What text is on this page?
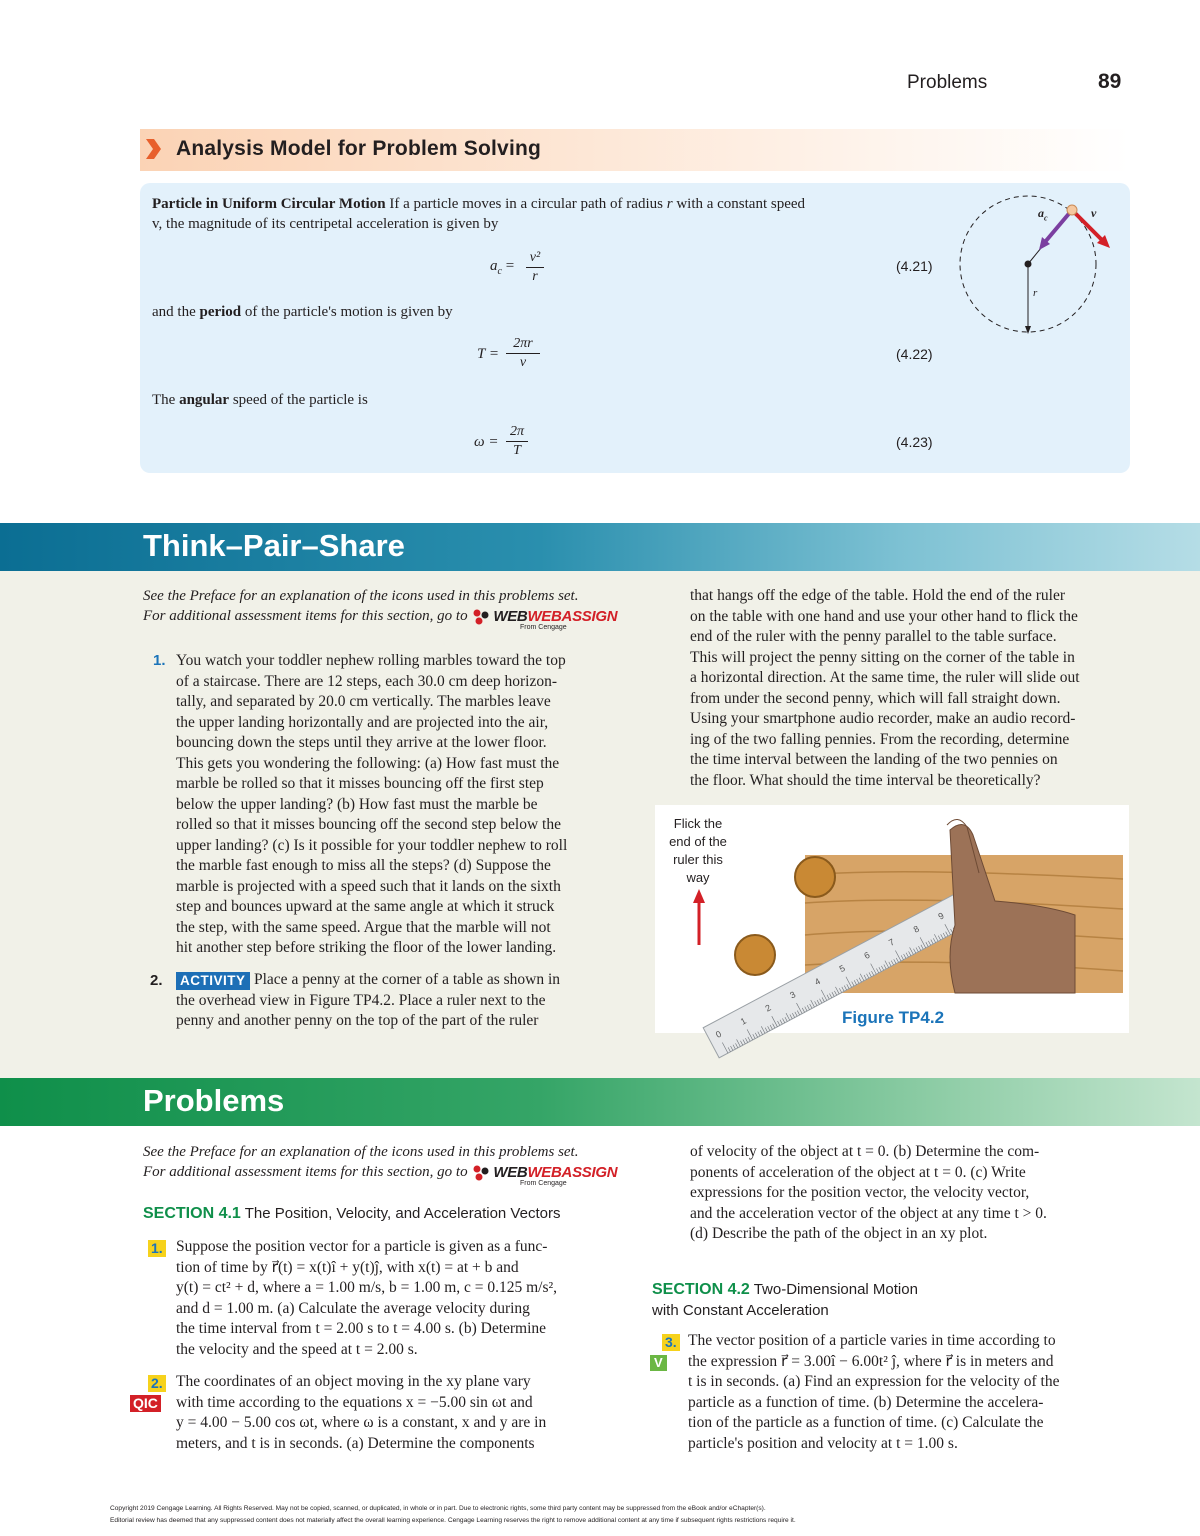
Problems	89
Analysis Model for Problem Solving
Particle in Uniform Circular Motion If a particle moves in a circular path of radius r with a constant speed
v, the magnitude of its centripetal acceleration is given by
$a_c$ =
v²
r
(4.21)
and the period of the particle's motion is given by
T =
2πr
v
(4.22)
The angular speed of the particle is
ω =
2π
T
(4.23)
$a_c$	v
r
Think–Pair–Share
See the Preface for an explanation of the icons used in this problems set.
For additional assessment items for this section, go to WEBWEBASSIGN
From Cengage
1. You watch your toddler nephew rolling marbles toward the top
of a staircase. There are 12 steps, each 30.0 cm deep horizon-
tally, and separated by 20.0 cm vertically. The marbles leave
the upper landing horizontally and are projected into the air,
bouncing down the steps until they arrive at the lower floor.
This gets you wondering the following: (a) How fast must the
marble be rolled so that it misses bouncing off the first step
below the upper landing? (b) How fast must the marble be
rolled so that it misses bouncing off the second step below the
upper landing? (c) Is it possible for your toddler nephew to roll
the marble fast enough to miss all the steps? (d) Suppose the
marble is projected with a speed such that it lands on the sixth
step and bounces upward at the same angle at which it struck
the step, with the same speed. Argue that the marble will not
hit another step before striking the floor of the lower landing.
2. ACTIVITY Place a penny at the corner of a table as shown in
the overhead view in Figure TP4.2. Place a ruler next to the
penny and another penny on the top of the part of the ruler
that hangs off the edge of the table. Hold the end of the ruler
on the table with one hand and use your other hand to flick the
end of the ruler with the penny parallel to the table surface.
This will project the penny sitting on the corner of the table in
a horizontal direction. At the same time, the ruler will slide out
from under the second penny, which will fall straight down.
Using your smartphone audio recorder, make an audio record-
ing of the two falling pennies. From the recording, determine
the time interval between the landing of the two pennies on
the floor. What should the time interval be theoretically?
0
1
2
3
4
5
6
7
8
9
Flick the
end of the
ruler this
way
Figure TP4.2
Problems
See the Preface for an explanation of the icons used in this problems set.
For additional assessment items for this section, go to WEBWEBASSIGN
From Cengage
SECTION 4.1 The Position, Velocity, and Acceleration Vectors
1. Suppose the position vector for a particle is given as a func-
tion of time by r⃗(t) = x(t)î + y(t)ĵ, with x(t) = at + b and
y(t) = ct² + d, where a = 1.00 m/s, b = 1.00 m, c = 0.125 m/s²,
and d = 1.00 m. (a) Calculate the average velocity during
the time interval from t = 2.00 s to t = 4.00 s. (b) Determine
the velocity and the speed at t = 2.00 s.
2.
QIC
The coordinates of an object moving in the xy plane vary
with time according to the equations x = −5.00 sin ωt and
y = 4.00 − 5.00 cos ωt, where ω is a constant, x and y are in
meters, and t is in seconds. (a) Determine the components
of velocity of the object at t = 0. (b) Determine the com-
ponents of acceleration of the object at t = 0. (c) Write
expressions for the position vector, the velocity vector,
and the acceleration vector of the object at any time t > 0.
(d) Describe the path of the object in an xy plot.
SECTION 4.2 Two-Dimensional Motion
with Constant Acceleration
3.
V
The vector position of a particle varies in time according to
the expression r⃗ = 3.00î − 6.00t² ĵ, where r⃗ is in meters and
t is in seconds. (a) Find an expression for the velocity of the
particle as a function of time. (b) Determine the accelera-
tion of the particle as a function of time. (c) Calculate the
particle's position and velocity at t = 1.00 s.
Copyright 2019 Cengage Learning. All Rights Reserved. May not be copied, scanned, or duplicated, in whole or in part. Due to electronic rights, some third party content may be suppressed from the eBook and/or eChapter(s).
Editorial review has deemed that any suppressed content does not materially affect the overall learning experience. Cengage Learning reserves the right to remove additional content at any time if subsequent rights restrictions require it.
